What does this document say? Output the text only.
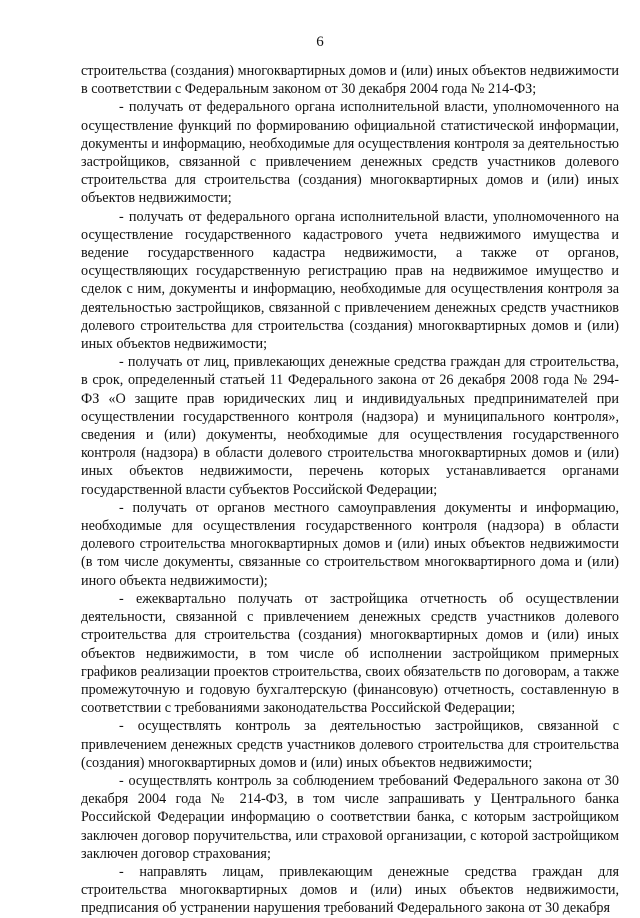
6

строительства (создания) многоквартирных домов и (или) иных объектов недвижимости в соответствии с Федеральным законом от 30 декабря 2004 года № 214-ФЗ;

- получать от федерального органа исполнительной власти, уполномоченного на осуществление функций по формированию официальной статистической информации, документы и информацию, необходимые для осуществления контроля за деятельностью застройщиков, связанной с привлечением денежных средств участников долевого строительства для строительства (создания) многоквартирных домов и (или) иных объектов недвижимости;

- получать от федерального органа исполнительной власти, уполномоченного на осуществление государственного кадастрового учета недвижимого имущества и ведение государственного кадастра недвижимости, а также от органов, осуществляющих государственную регистрацию прав на недвижимое имущество и сделок с ним, документы и информацию, необходимые для осуществления контроля за деятельностью застройщиков, связанной с привлечением денежных средств участников долевого строительства для строительства (создания) многоквартирных домов и (или) иных объектов недвижимости;

- получать от лиц, привлекающих денежные средства граждан для строительства, в срок, определенный статьей 11 Федерального закона от 26 декабря 2008 года № 294-ФЗ «О защите прав юридических лиц и индивидуальных предпринимателей при осуществлении государственного контроля (надзора) и муниципального контроля», сведения и (или) документы, необходимые для осуществления государственного контроля (надзора) в области долевого строительства многоквартирных домов и (или) иных объектов недвижимости, перечень которых устанавливается органами государственной власти субъектов Российской Федерации;

- получать от органов местного самоуправления документы и информацию, необходимые для осуществления государственного контроля (надзора) в области долевого строительства многоквартирных домов и (или) иных объектов недвижимости (в том числе документы, связанные со строительством многоквартирного дома и (или) иного объекта недвижимости);

- ежеквартально получать от застройщика отчетность об осуществлении деятельности, связанной с привлечением денежных средств участников долевого строительства для строительства (создания) многоквартирных домов и (или) иных объектов недвижимости, в том числе об исполнении застройщиком примерных графиков реализации проектов строительства, своих обязательств по договорам, а также промежуточную и годовую бухгалтерскую (финансовую) отчетность, составленную в соответствии с требованиями законодательства Российской Федерации;

- осуществлять контроль за деятельностью застройщиков, связанной с привлечением денежных средств участников долевого строительства для строительства (создания) многоквартирных домов и (или) иных объектов недвижимости;

- осуществлять контроль за соблюдением требований Федерального закона от 30 декабря 2004 года № 214-ФЗ, в том числе запрашивать у Центрального банка Российской Федерации информацию о соответствии банка, с которым застройщиком заключен договор поручительства, или страховой организации, с которой застройщиком заключен договор страхования;

- направлять лицам, привлекающим денежные средства граждан для строительства многоквартирных домов и (или) иных объектов недвижимости, предписания об устранении нарушения требований Федерального закона от 30 декабря
